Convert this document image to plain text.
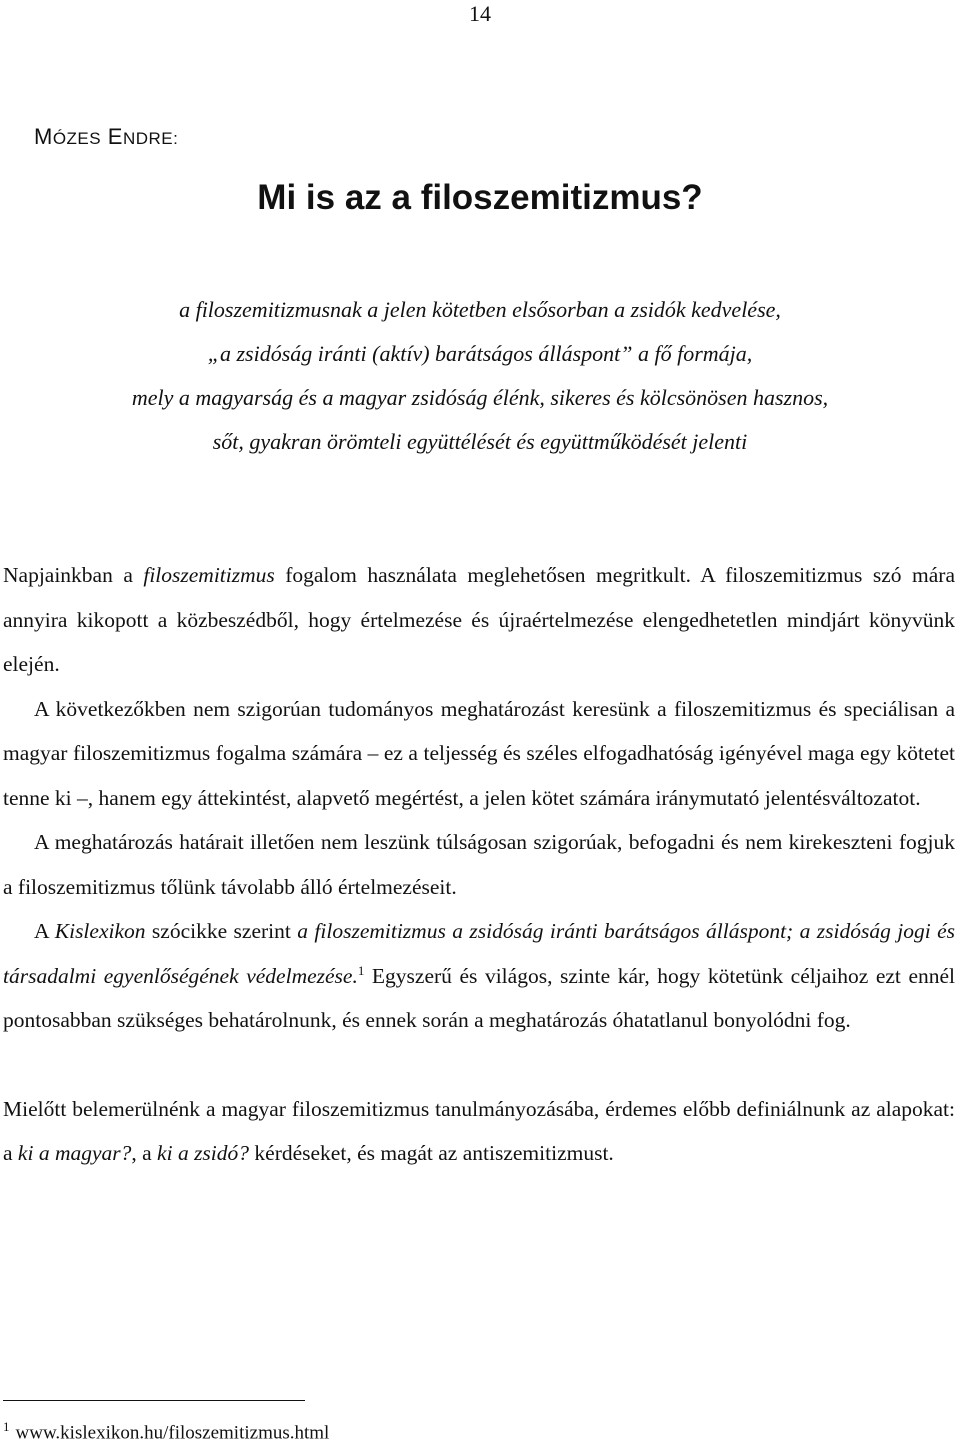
14
MÓZES ENDRE:
Mi is az a filoszemitizmus?
a filoszemitizmusnak a jelen kötetben elsősorban a zsidók kedvelése,
„a zsidóság iránti (aktív) barátságos álláspont” a fő formája,
mely a magyarság és a magyar zsidóság élénk, sikeres és kölcsönösen hasznos,
sőt, gyakran örömteli együttélését és együttműködését jelenti

Napjainkban a filoszemitizmus fogalom használata meglehetősen megritkult. A filoszemitizmus szó mára annyira kikopott a közbeszédből, hogy értelmezése és újraértelmezése elengedhetetlen mindjárt könyvünk elején.

A következőkben nem szigorúan tudományos meghatározást keresünk a filoszemitizmus és speciálisan a magyar filoszemitizmus fogalma számára – ez a teljesség és széles elfogadhatóság igényével maga egy kötetet tenne ki –, hanem egy áttekintést, alapvető megértést, a jelen kötet számára iránymutató jelentésváltozatot.

A meghatározás határait illetően nem leszünk túlságosan szigorúak, befogadni és nem kirekeszteni fogjuk a filoszemitizmus tőlünk távolabb álló értelmezéseit.

A Kislexikon szócikke szerint a filoszemitizmus a zsidóság iránti barátságos álláspont; a zsidóság jogi és társadalmi egyenlőségének védelmezése.$^1$ Egyszerű és világos, szinte kár, hogy kötetünk céljaihoz ezt ennél pontosabban szükséges behatárolnunk, és ennek során a meghatározás óhatatlanul bonyolódni fog.

Mielőtt belemerülnénk a magyar filoszemitizmus tanulmányozásába, érdemes előbb definiálnunk az alapokat: a ki a magyar?, a ki a zsidó? kérdéseket, és magát az antiszemitizmust.

$^1$ www.kislexikon.hu/filoszemitizmus.html
